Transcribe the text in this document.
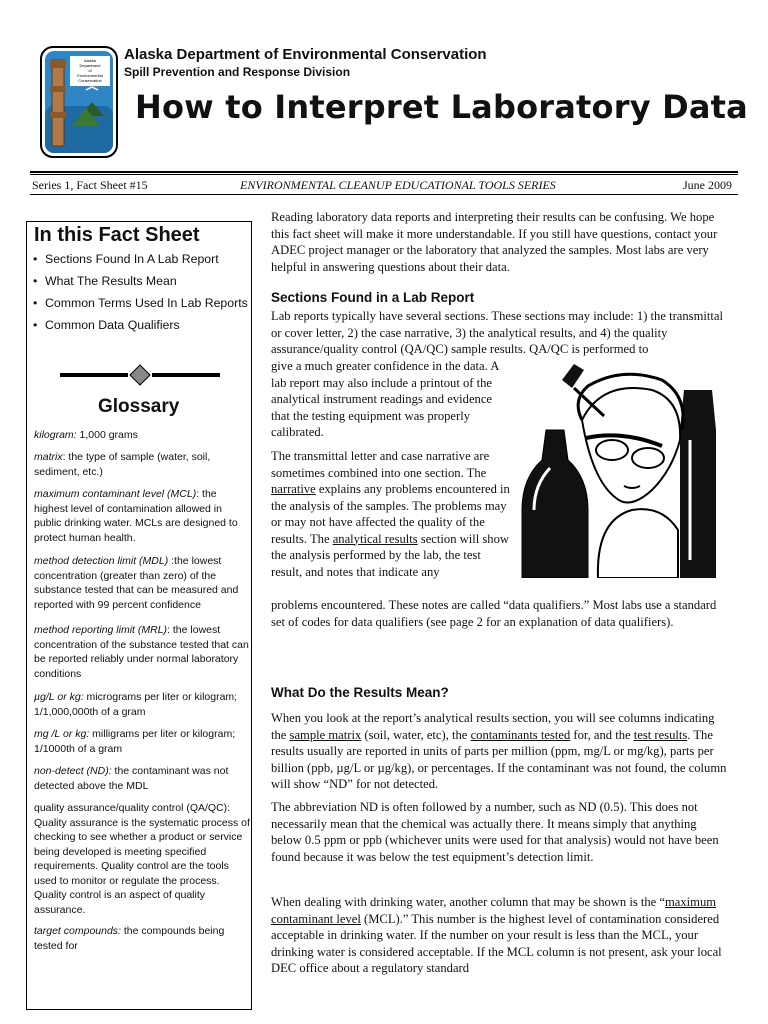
Alaska
Department
of
Environmental
Conservation
Alaska Department of Environmental Conservation
Spill Prevention and Response Division
How to Interpret Laboratory Data
Series 1, Fact Sheet #15	ENVIRONMENTAL CLEANUP EDUCATIONAL TOOLS SERIES	June 2009
In this Fact Sheet
• Sections Found In A Lab Report
• What The Results Mean
• Common Terms Used In Lab Reports
• Common Data Qualifiers
Glossary
kilogram: 1,000 grams
matrix: the type of sample (water, soil, sediment, etc.)
maximum contaminant level (MCL): the highest level of contamination allowed in public drinking water. MCLs are designed to protect human health.
method detection limit (MDL) :the lowest concentration (greater than zero) of the substance tested that can be measured and reported with 99 percent confidence
method reporting limit (MRL): the lowest concentration of the substance tested that can be reported reliably under normal laboratory conditions
µg/L or kg: micrograms per liter or kilogram; 1/1,000,000th of a gram
mg /L or kg: milligrams per liter or kilogram; 1/1000th of a gram
non-detect (ND): the contaminant was not detected above the MDL
quality assurance/quality control (QA/QC): Quality assurance is the systematic process of checking to see whether a product or service being developed is meeting specified requirements. Quality control are the tools used to monitor or regulate the process. Quality control is an aspect of quality assurance.
target compounds: the compounds being tested for
Reading laboratory data reports and interpreting their results can be confusing. We hope this fact sheet will make it more understandable. If you still have questions, contact your ADEC project manager or the laboratory that analyzed the samples. Most labs are very helpful in answering questions about their data.
Sections Found in a Lab Report
Lab reports typically have several sections. These sections may include: 1) the transmittal or cover letter, 2) the case narrative, 3) the analytical results, and 4) the quality assurance/quality control (QA/QC) sample results. QA/QC is performed to
give a much greater confidence in the data. A lab report may also include a printout of the analytical instrument readings and evidence that the testing equipment was properly calibrated.
The transmittal letter and case narrative are sometimes combined into one section. The narrative explains any problems encountered in the analysis of the samples. The problems may or may not have affected the quality of the results. The analytical results section will show the analysis performed by the lab, the test result, and notes that indicate any
problems encountered. These notes are called “data qualifiers.” Most labs use a standard set of codes for data qualifiers (see page 2 for an explanation of data qualifiers).
What Do the Results Mean?
When you look at the report’s analytical results section, you will see columns indicating the sample matrix (soil, water, etc), the contaminants tested for, and the test results. The results usually are reported in units of parts per million (ppm, mg/L or mg/kg), parts per billion (ppb, µg/L or µg/kg), or percentages. If the contaminant was not found, the column will show “ND” for not detected.
The abbreviation ND is often followed by a number, such as ND (0.5). This does not necessarily mean that the chemical was actually there. It means simply that anything below 0.5 ppm or ppb (whichever units were used for that analysis) would not have been found because it was below the test equipment’s detection limit.
When dealing with drinking water, another column that may be shown is the “maximum contaminant level (MCL).” This number is the highest level of contamination considered acceptable in drinking water. If the number on your result is less than the MCL, your drinking water is considered acceptable. If the MCL column is not present, ask your local DEC office about a regulatory standard
